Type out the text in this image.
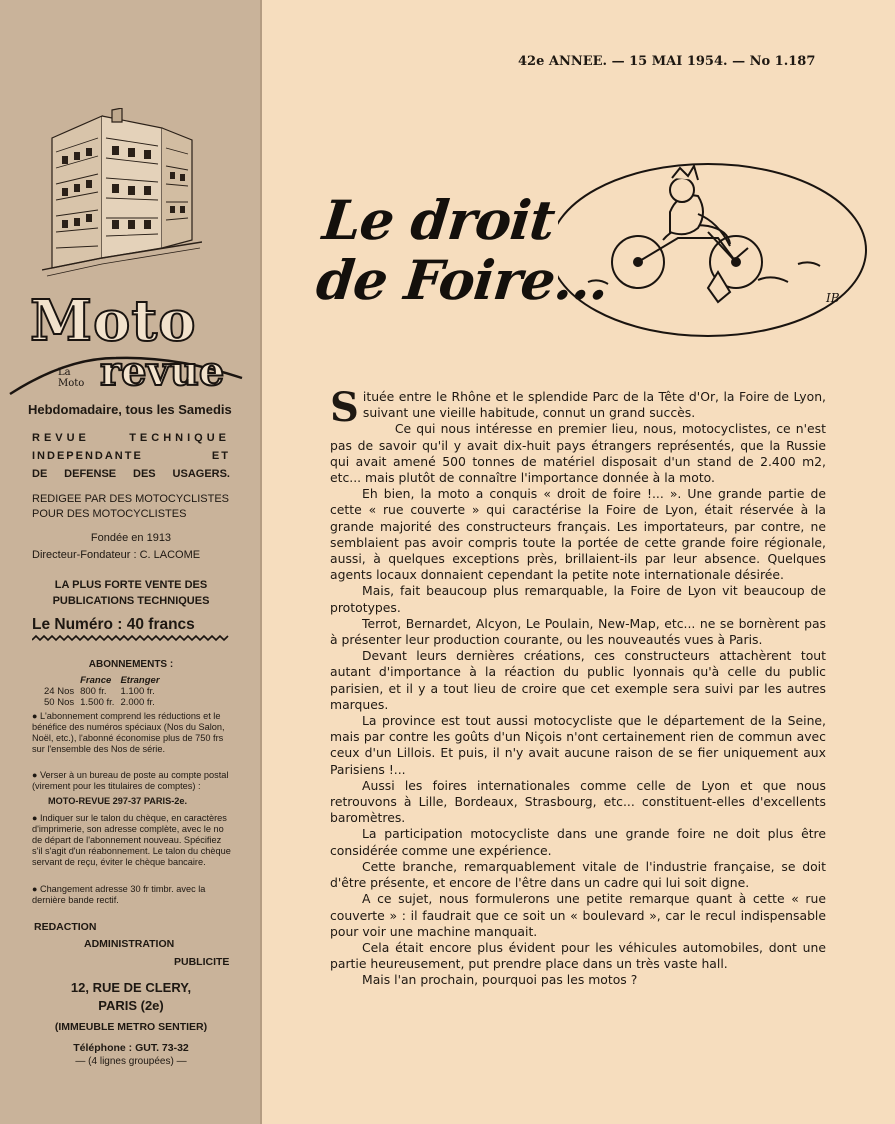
Moto
La
Moto revue
Hebdomadaire, tous les Samedis
REVUE TECHNIQUE
INDEPENDANTE ET
DE DEFENSE DES USAGERS.
REDIGEE PAR DES MOTOCYCLISTES POUR DES MOTOCYCLISTES
Fondée en 1913
Directeur-Fondateur : C. LACOME
LA PLUS FORTE VENTE DES PUBLICATIONS TECHNIQUES
Le Numéro : 40 francs
ABONNEMENTS :
	France	Etranger
24 Nos	800 fr.	1.100 fr.
50 Nos	1.500 fr.	2.000 fr.
● L'abonnement comprend les réductions et le bénéfice des numéros spéciaux (Nos du Salon, Noël, etc.), l'abonné économise plus de 750 frs sur l'ensemble des Nos de série.
● Verser à un bureau de poste au compte postal (virement pour les titulaires de comptes) :
MOTO-REVUE 297-37 PARIS-2e.
● Indiquer sur le talon du chèque, en caractères d'imprimerie, son adresse complète, avec le no de départ de l'abonnement nouveau. Spécifiez s'il s'agit d'un réabonnement. Le talon du chèque servant de reçu, éviter le chèque bancaire.
● Changement adresse 30 fr timbr. avec la dernière bande rectif.
REDACTION
ADMINISTRATION
PUBLICITE
12, RUE DE CLERY,
PARIS (2e)
(IMMEUBLE METRO SENTIER)
Téléphone : GUT. 73-32
— (4 lignes groupées) —
42e ANNEE. — 15 MAI 1954. — No 1.187
Le droit
de Foire...	IB

Située entre le Rhône et le splendide Parc de la Tête d'Or, la Foire de Lyon, suivant une vieille habitude, connut un grand succès.

Ce qui nous intéresse en premier lieu, nous, motocyclistes, ce n'est pas de savoir qu'il y avait dix-huit pays étrangers représentés, que la Russie qui avait amené 500 tonnes de matériel disposait d'un stand de 2.400 m2, etc... mais plutôt de connaître l'importance donnée à la moto.

Eh bien, la moto a conquis « droit de foire !... ». Une grande partie de cette « rue couverte » qui caractérise la Foire de Lyon, était réservée à la grande majorité des constructeurs français. Les importateurs, par contre, ne semblaient pas avoir compris toute la portée de cette grande foire régionale, aussi, à quelques exceptions près, brillaient-ils par leur absence. Quelques agents locaux donnaient cependant la petite note internationale désirée.

Mais, fait beaucoup plus remarquable, la Foire de Lyon vit beaucoup de prototypes.

Terrot, Bernardet, Alcyon, Le Poulain, New-Map, etc... ne se bornèrent pas à présenter leur production courante, ou les nouveautés vues à Paris.

Devant leurs dernières créations, ces constructeurs attachèrent tout autant d'importance à la réaction du public lyonnais qu'à celle du public parisien, et il y a tout lieu de croire que cet exemple sera suivi par les autres marques.

La province est tout aussi motocycliste que le département de la Seine, mais par contre les goûts d'un Niçois n'ont certainement rien de commun avec ceux d'un Lillois. Et puis, il n'y avait aucune raison de se fier uniquement aux Parisiens !...

Aussi les foires internationales comme celle de Lyon et que nous retrouvons à Lille, Bordeaux, Strasbourg, etc... constituent-elles d'excellents baromètres.

La participation motocycliste dans une grande foire ne doit plus être considérée comme une expérience.

Cette branche, remarquablement vitale de l'industrie française, se doit d'être présente, et encore de l'être dans un cadre qui lui soit digne.

A ce sujet, nous formulerons une petite remarque quant à cette « rue couverte » : il faudrait que ce soit un « boulevard », car le recul indispensable pour voir une machine manquait.

Cela était encore plus évident pour les véhicules automobiles, dont une partie heureusement, put prendre place dans un très vaste hall.

Mais l'an prochain, pourquoi pas les motos ?
